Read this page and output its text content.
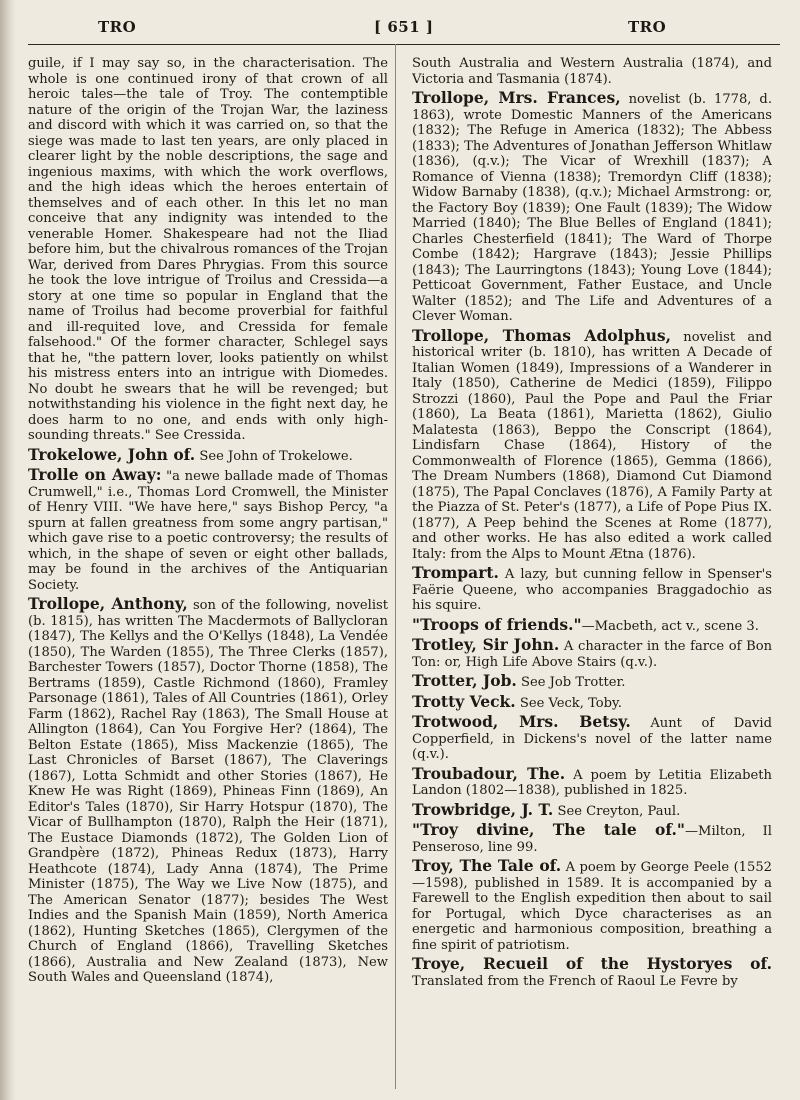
TRO	[ 651 ]	TRO

guile, if I may say so, in the characterisation. The whole is one continued irony of that crown of all heroic tales—the tale of Troy. The contemptible nature of the origin of the Trojan War, the laziness and discord with which it was carried on, so that the siege was made to last ten years, are only placed in clearer light by the noble descriptions, the sage and ingenious maxims, with which the work overflows, and the high ideas which the heroes entertain of themselves and of each other. In this let no man conceive that any indignity was intended to the venerable Homer. Shakespeare had not the Iliad before him, but the chivalrous romances of the Trojan War, derived from Dares Phrygias. From this source he took the love intrigue of Troilus and Cressida—a story at one time so popular in England that the name of Troilus had become proverbial for faithful and ill-requited love, and Cressida for female falsehood." Of the former character, Schlegel says that he, "the pattern lover, looks patiently on whilst his mistress enters into an intrigue with Diomedes. No doubt he swears that he will be revenged; but notwithstanding his violence in the fight next day, he does harm to no one, and ends with only high-sounding threats." See Cressida.

Trokelowe, John of. See John of Trokelowe.

Trolle on Away: "a newe ballade made of Thomas Crumwell," i.e., Thomas Lord Cromwell, the Minister of Henry VIII. "We have here," says Bishop Percy, "a spurn at fallen greatness from some angry partisan," which gave rise to a poetic controversy; the results of which, in the shape of seven or eight other ballads, may be found in the archives of the Antiquarian Society.

Trollope, Anthony, son of the following, novelist (b. 1815), has written The Macdermots of Ballycloran (1847), The Kellys and the O'Kellys (1848), La Vendée (1850), The Warden (1855), The Three Clerks (1857), Barchester Towers (1857), Doctor Thorne (1858), The Bertrams (1859), Castle Richmond (1860), Framley Parsonage (1861), Tales of All Countries (1861), Orley Farm (1862), Rachel Ray (1863), The Small House at Allington (1864), Can You Forgive Her? (1864), The Belton Estate (1865), Miss Mackenzie (1865), The Last Chronicles of Barset (1867), The Claverings (1867), Lotta Schmidt and other Stories (1867), He Knew He was Right (1869), Phineas Finn (1869), An Editor's Tales (1870), Sir Harry Hotspur (1870), The Vicar of Bullhampton (1870), Ralph the Heir (1871), The Eustace Diamonds (1872), The Golden Lion of Grandpère (1872), Phineas Redux (1873), Harry Heathcote (1874), Lady Anna (1874), The Prime Minister (1875), The Way we Live Now (1875), and The American Senator (1877); besides The West Indies and the Spanish Main (1859), North America (1862), Hunting Sketches (1865), Clergymen of the Church of England (1866), Travelling Sketches (1866), Australia and New Zealand (1873), New South Wales and Queensland (1874),

South Australia and Western Australia (1874), and Victoria and Tasmania (1874).

Trollope, Mrs. Frances, novelist (b. 1778, d. 1863), wrote Domestic Manners of the Americans (1832); The Refuge in America (1832); The Abbess (1833); The Adventures of Jonathan Jefferson Whitlaw (1836), (q.v.); The Vicar of Wrexhill (1837); A Romance of Vienna (1838); Tremordyn Cliff (1838); Widow Barnaby (1838), (q.v.); Michael Armstrong: or, the Factory Boy (1839); One Fault (1839); The Widow Married (1840); The Blue Belles of England (1841); Charles Chesterfield (1841); The Ward of Thorpe Combe (1842); Hargrave (1843); Jessie Phillips (1843); The Laurringtons (1843); Young Love (1844); Petticoat Government, Father Eustace, and Uncle Walter (1852); and The Life and Adventures of a Clever Woman.

Trollope, Thomas Adolphus, novelist and historical writer (b. 1810), has written A Decade of Italian Women (1849), Impressions of a Wanderer in Italy (1850), Catherine de Medici (1859), Filippo Strozzi (1860), Paul the Pope and Paul the Friar (1860), La Beata (1861), Marietta (1862), Giulio Malatesta (1863), Beppo the Conscript (1864), Lindisfarn Chase (1864), History of the Commonwealth of Florence (1865), Gemma (1866), The Dream Numbers (1868), Diamond Cut Diamond (1875), The Papal Conclaves (1876), A Family Party at the Piazza of St. Peter's (1877), a Life of Pope Pius IX. (1877), A Peep behind the Scenes at Rome (1877), and other works. He has also edited a work called Italy: from the Alps to Mount Ætna (1876).

Trompart. A lazy, but cunning fellow in Spenser's Faërie Queene, who accompanies Braggadochio as his squire.

"Troops of friends."—Macbeth, act v., scene 3.

Trotley, Sir John. A character in the farce of Bon Ton: or, High Life Above Stairs (q.v.).

Trotter, Job. See Job Trotter.

Trotty Veck. See Veck, Toby.

Trotwood, Mrs. Betsy. Aunt of David Copperfield, in Dickens's novel of the latter name (q.v.).

Troubadour, The. A poem by Letitia Elizabeth Landon (1802—1838), published in 1825.

Trowbridge, J. T. See Creyton, Paul.

"Troy divine, The tale of."—Milton, Il Penseroso, line 99.

Troy, The Tale of. A poem by George Peele (1552—1598), published in 1589. It is accompanied by a Farewell to the English expedition then about to sail for Portugal, which Dyce characterises as an energetic and harmonious composition, breathing a fine spirit of patriotism.

Troye, Recueil of the Hystoryes of. Translated from the French of Raoul Le Fevre by
